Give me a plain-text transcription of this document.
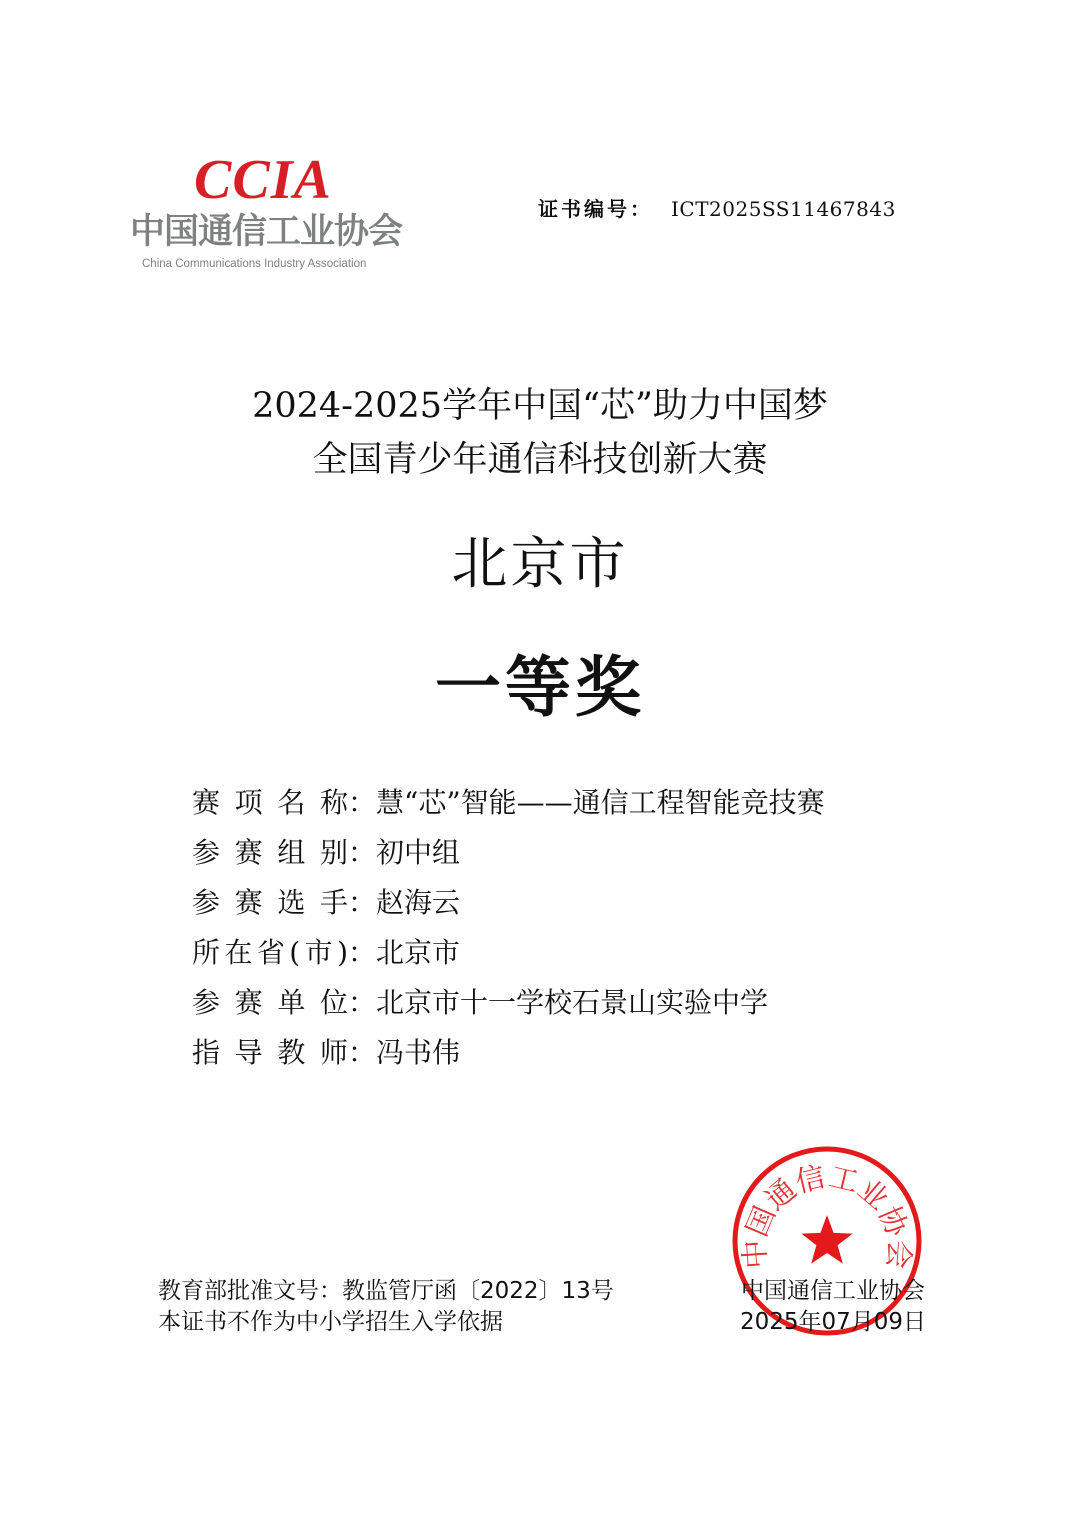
CCIA
中国通信工业协会
China Communications Industry Association
证书编号： ICT2025SS11467843
2024-2025学年中国“芯”助力中国梦
全国青少年通信科技创新大赛
北京市
一等奖
赛项名称 ： 慧“芯”智能——通信工程智能竞技赛
参赛组别 ： 初中组
参赛选手 ： 赵海云
所在省(市) ： 北京市
参赛单位 ： 北京市十一学校石景山实验中学
指导教师 ： 冯书伟
中国通信工业协会
教育部批准文号：教监管厅函〔2022〕13号
本证书不作为中小学招生入学依据
中国通信工业协会
2025年07月09日
